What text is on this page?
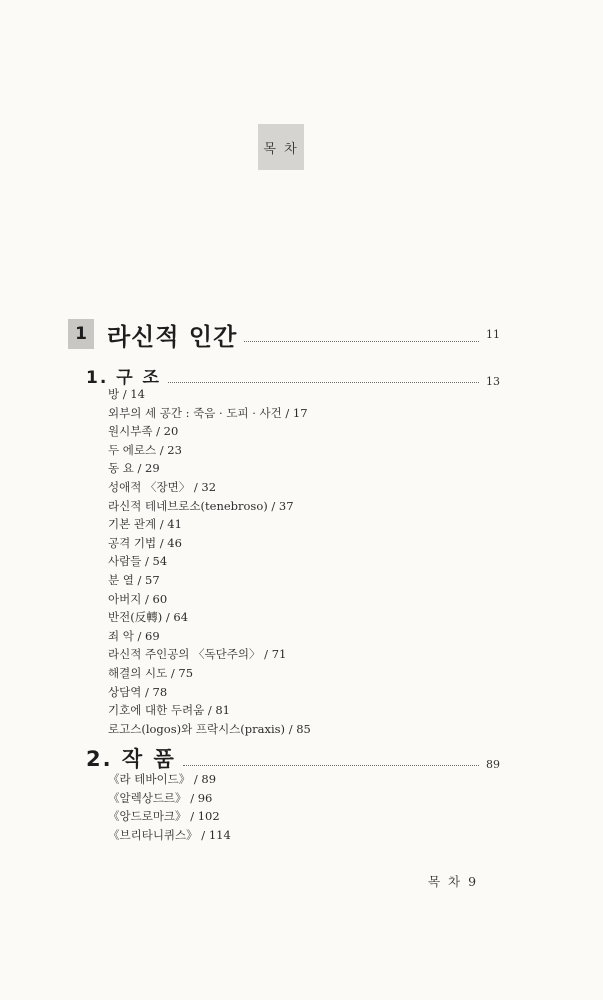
목 차
1 라신적 인간	11
1. 구 조	13
방 / 14
외부의 세 공간 : 죽음 · 도피 · 사건 / 17
원시부족 / 20
두 에로스 / 23
동 요 / 29
성애적 〈장면〉 / 32
라신적 테네브로소(tenebroso) / 37
기본 관계 / 41
공격 기법 / 46
사람들 / 54
분 열 / 57
아버지 / 60
반전(反轉) / 64
죄 악 / 69
라신적 주인공의 〈독단주의〉 / 71
해결의 시도 / 75
상담역 / 78
기호에 대한 두려움 / 81
로고스(logos)와 프락시스(praxis) / 85
2. 작 품	89
《라 테바이드》 / 89
《알렉상드르》 / 96
《앙드로마크》 / 102
《브리타니퀴스》 / 114
목 차 9
